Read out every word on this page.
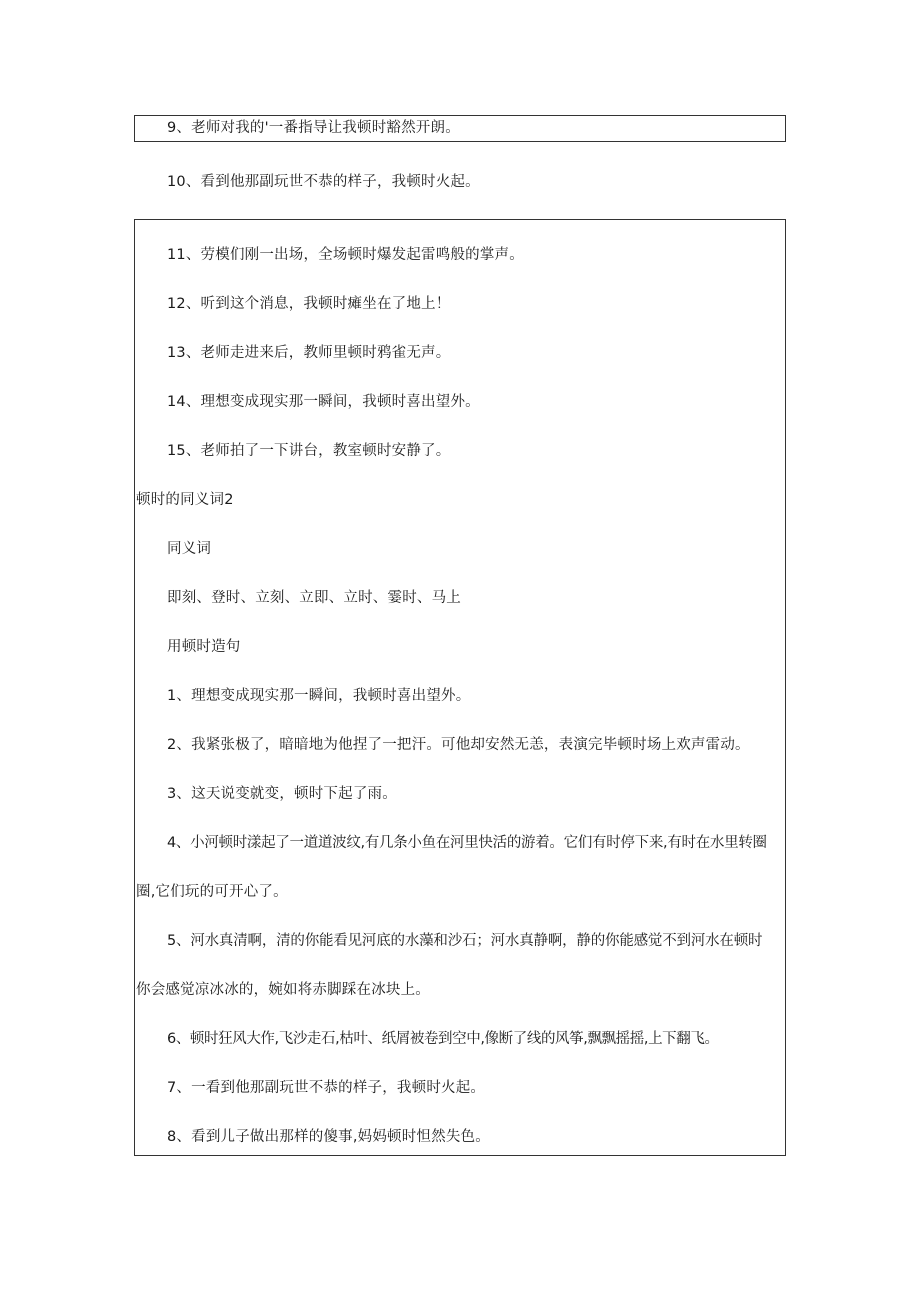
9、老师对我的'一番指导让我顿时豁然开朗。
10、看到他那副玩世不恭的样子，我顿时火起。
11、劳模们刚一出场，全场顿时爆发起雷鸣般的掌声。
12、听到这个消息，我顿时瘫坐在了地上！
13、老师走进来后，教师里顿时鸦雀无声。
14、理想变成现实那一瞬间，我顿时喜出望外。
15、老师拍了一下讲台，教室顿时安静了。
顿时的同义词2
同义词
即刻、登时、立刻、立即、立时、霎时、马上
用顿时造句
1、理想变成现实那一瞬间，我顿时喜出望外。
2、我紧张极了，暗暗地为他捏了一把汗。可他却安然无恙，表演完毕顿时场上欢声雷动。
3、这天说变就变，顿时下起了雨。
4、小河顿时漾起了一道道波纹,有几条小鱼在河里快活的游着。它们有时停下来,有时在水里转圈
圈,它们玩的可开心了。
5、河水真清啊，清的你能看见河底的水藻和沙石；河水真静啊，静的你能感觉不到河水在顿时
你会感觉凉冰冰的，婉如将赤脚踩在冰块上。
6、顿时狂风大作,飞沙走石,枯叶、纸屑被卷到空中,像断了线的风筝,飘飘摇摇,上下翻飞。
7、一看到他那副玩世不恭的样子，我顿时火起。
8、看到儿子做出那样的傻事,妈妈顿时怛然失色。
